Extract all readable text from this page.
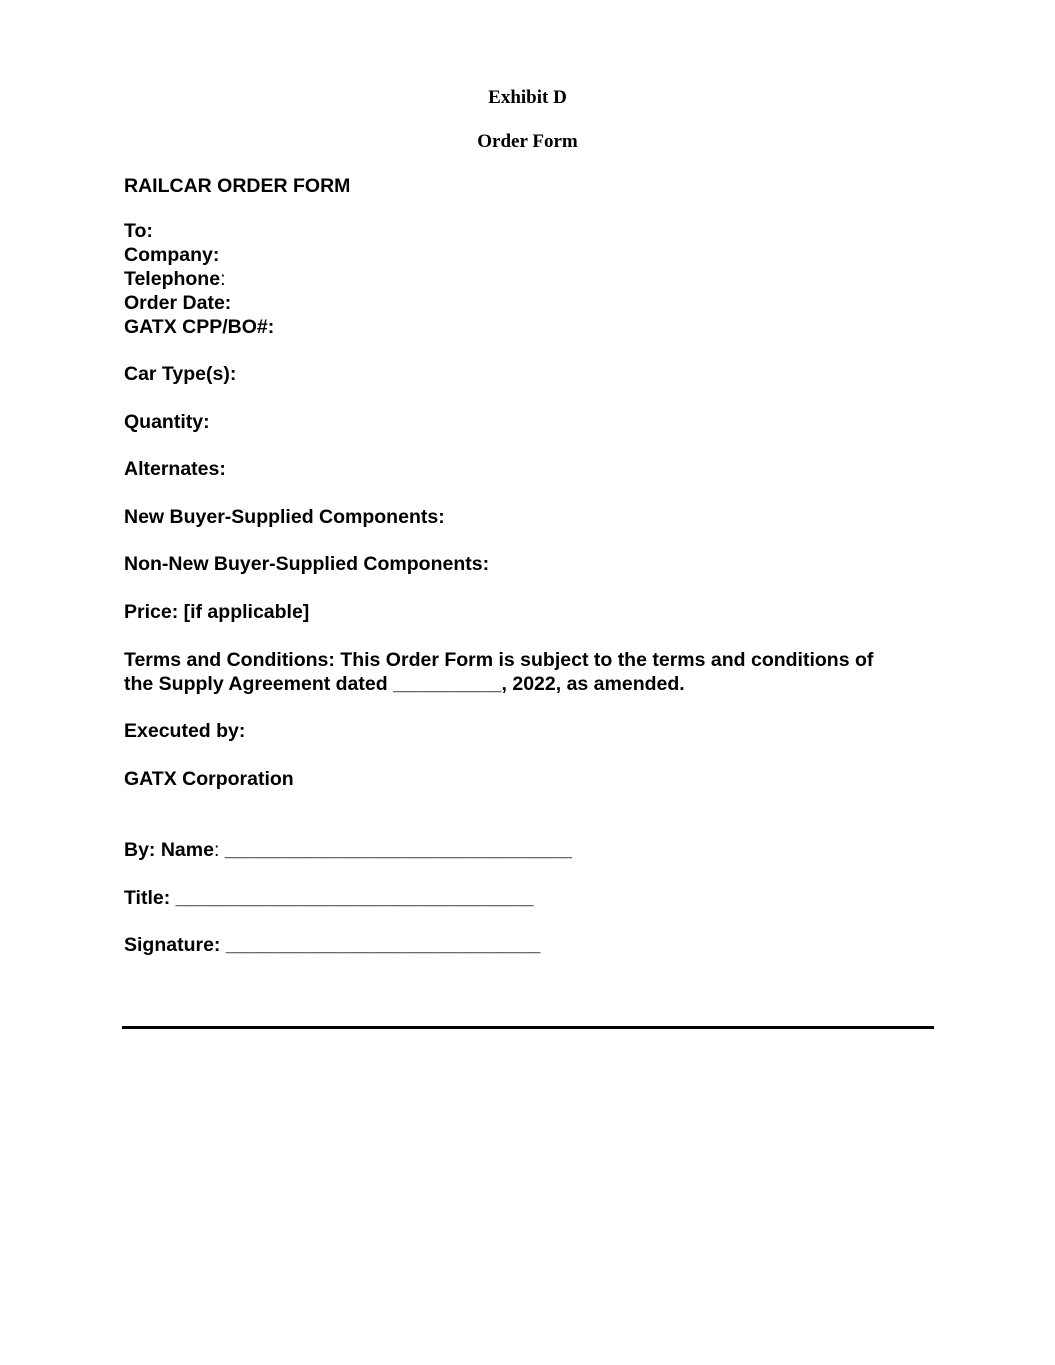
Exhibit D
Order Form
RAILCAR ORDER FORM
To:
Company:
Telephone:
Order Date:
GATX CPP/BO#:
Car Type(s):
Quantity:
Alternates:
New Buyer-Supplied Components:
Non-New Buyer-Supplied Components:
Price: [if applicable]
Terms and Conditions: This Order Form is subject to the terms and conditions of
the Supply Agreement dated __________, 2022, as amended.
Executed by:
GATX Corporation
By: Name: ________________________________
Title: _________________________________
Signature: _____________________________
